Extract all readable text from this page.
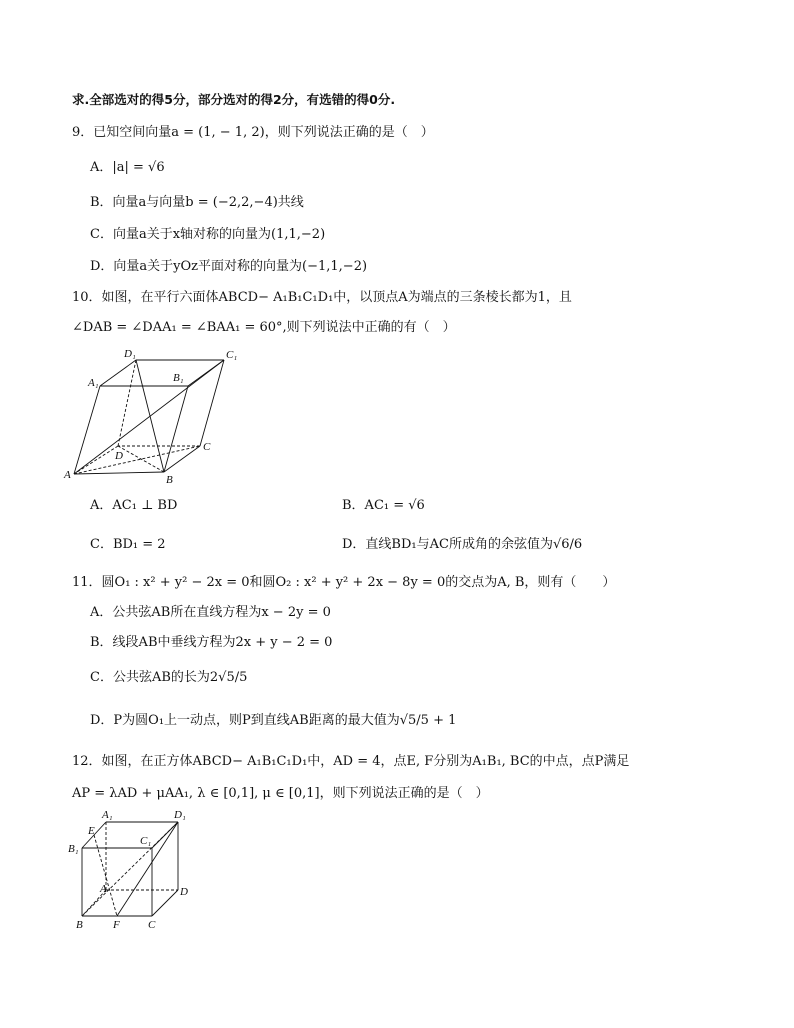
求.全部选对的得5分，部分选对的得2分，有选错的得0分.
9．已知空间向量a = (1, − 1, 2)，则下列说法正确的是（　）
A．|a| = √6
B．向量a与向量b = (−2,2,−4)共线
C．向量a关于x轴对称的向量为(1,1,−2)
D．向量a关于yOz平面对称的向量为(−1,1,−2)
10．如图，在平行六面体ABCD− A₁B₁C₁D₁中，以顶点A为端点的三条棱长都为1，且
∠DAB = ∠DAA₁ = ∠BAA₁ = 60°,则下列说法中正确的有（　）
D₁	C₁
A₁	B₁
D
C
A	B
A．AC₁ ⊥ BD	B．AC₁ = √6
C．BD₁ = 2	D．直线BD₁与AC所成角的余弦值为√6/6
11．圆O₁ : x² + y² − 2x = 0和圆O₂ : x² + y² + 2x − 8y = 0的交点为A, B，则有（　　）
A．公共弦AB所在直线方程为x − 2y = 0
B．线段AB中垂线方程为2x + y − 2 = 0
C．公共弦AB的长为2√5/5
D．P为圆O₁上一动点，则P到直线AB距离的最大值为√5/5 + 1
12．如图，在正方体ABCD− A₁B₁C₁D₁中，AD = 4，点E, F分别为A₁B₁, BC的中点，点P满足
AP = λAD + μAA₁, λ ∈ [0,1], μ ∈ [0,1]，则下列说法正确的是（　）
A₁	D₁
E
C₁
B₁
A	D
B	F	C
